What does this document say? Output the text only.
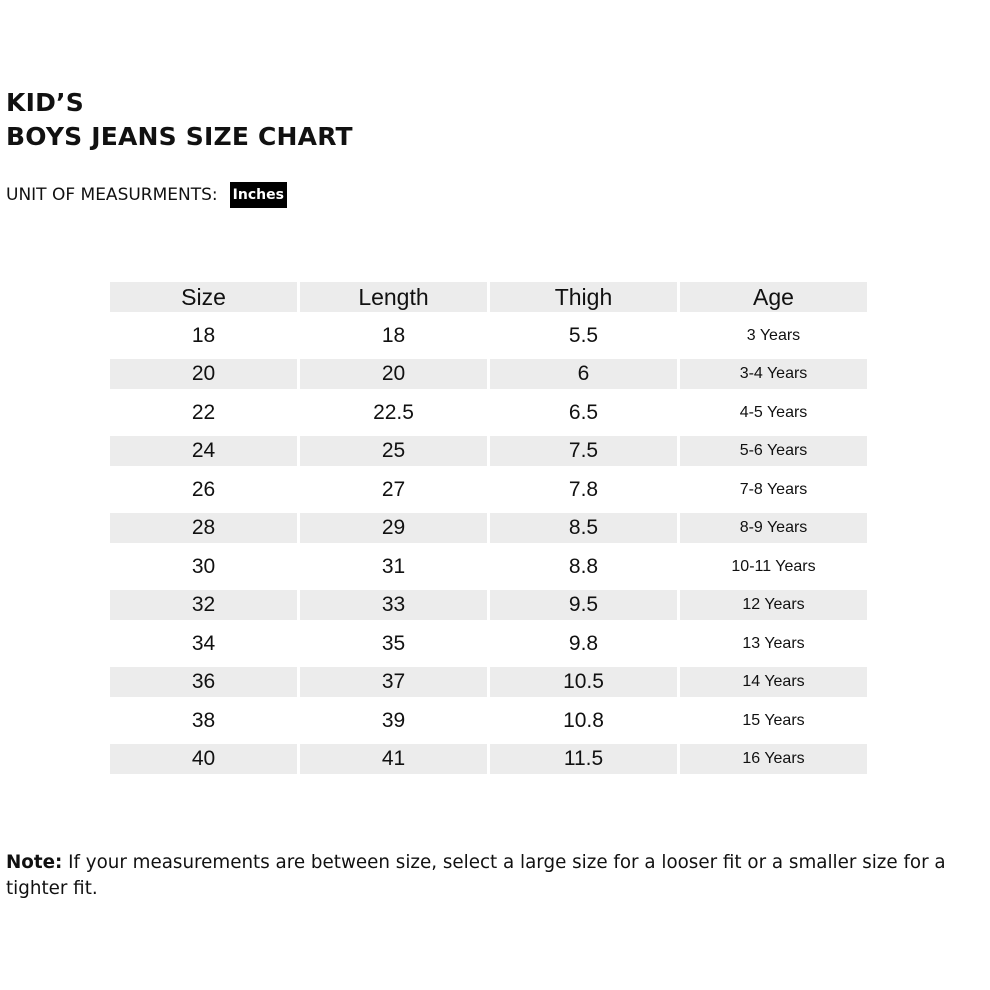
KID’S
BOYS JEANS SIZE CHART
UNIT OF MEASURMENTS: Inches
Size	Length	Thigh	Age
18	18	5.5	3 Years
20	20	6	3-4 Years
22	22.5	6.5	4-5 Years
24	25	7.5	5-6 Years
26	27	7.8	7-8 Years
28	29	8.5	8-9 Years
30	31	8.8	10-11 Years
32	33	9.5	12 Years
34	35	9.8	13 Years
36	37	10.5	14 Years
38	39	10.8	15 Years
40	41	11.5	16 Years

Note: If your measurements are between size, select a large size for a looser fit or a smaller size for a tighter fit.
